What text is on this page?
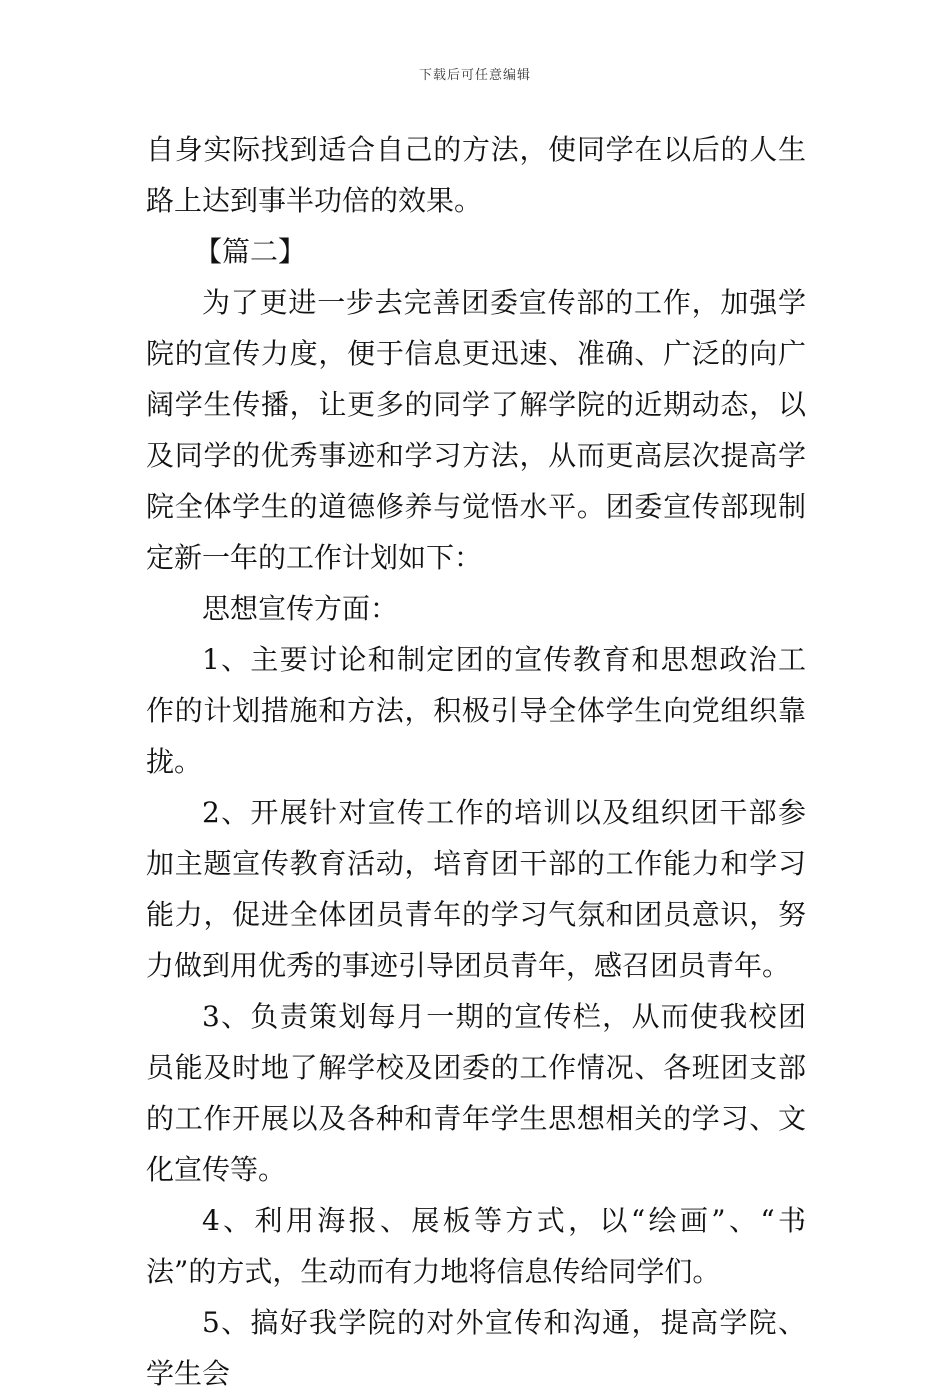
下载后可任意编辑

自身实际找到适合自己的方法，使同学在以后的人生路上达到事半功倍的效果。

【篇二】

为了更进一步去完善团委宣传部的工作，加强学院的宣传力度，便于信息更迅速、准确、广泛的向广阔学生传播，让更多的同学了解学院的近期动态，以及同学的优秀事迹和学习方法，从而更高层次提高学院全体学生的道德修养与觉悟水平。团委宣传部现制定新一年的工作计划如下：

思想宣传方面：

1、主要讨论和制定团的宣传教育和思想政治工作的计划措施和方法，积极引导全体学生向党组织靠拢。

2、开展针对宣传工作的培训以及组织团干部参加主题宣传教育活动，培育团干部的工作能力和学习能力，促进全体团员青年的学习气氛和团员意识，努力做到用优秀的事迹引导团员青年，感召团员青年。

3、负责策划每月一期的宣传栏，从而使我校团员能及时地了解学校及团委的工作情况、各班团支部的工作开展以及各种和青年学生思想相关的学习、文化宣传等。

4、利用海报、展板等方式，以“绘画”、“书法”的方式，生动而有力地将信息传给同学们。

5、搞好我学院的对外宣传和沟通，提高学院、学生会
